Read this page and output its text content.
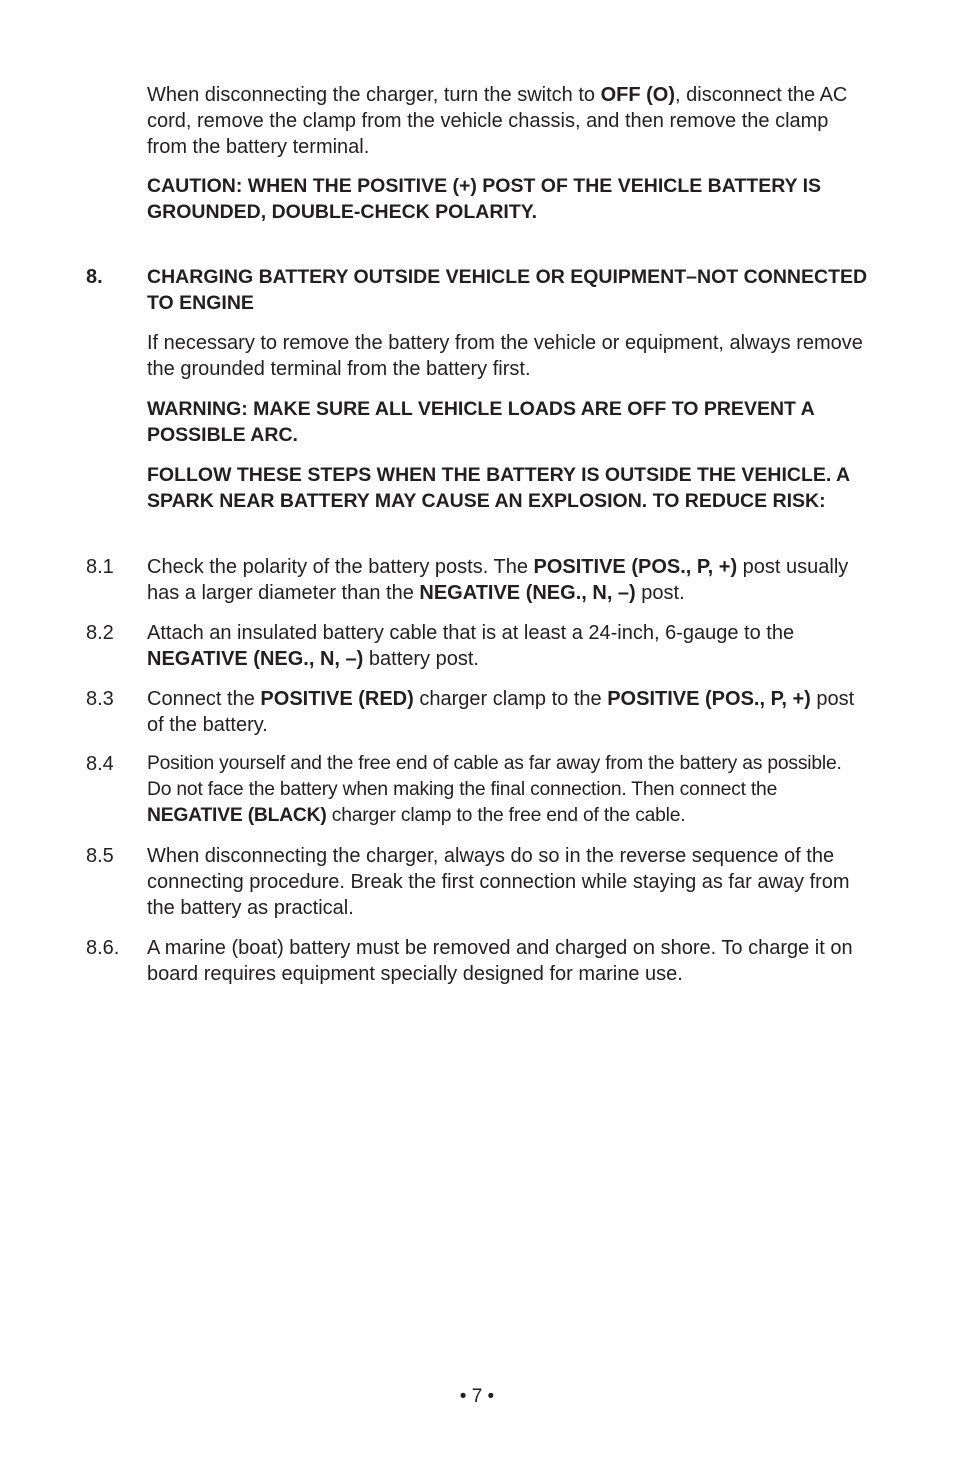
When disconnecting the charger, turn the switch to OFF (O), disconnect the AC cord, remove the clamp from the vehicle chassis, and then remove the clamp from the battery terminal.

CAUTION: WHEN THE POSITIVE (+) POST OF THE VEHICLE BATTERY IS GROUNDED, DOUBLE-CHECK POLARITY.

8. CHARGING BATTERY OUTSIDE VEHICLE OR EQUIPMENT–NOT CONNECTED TO ENGINE

If necessary to remove the battery from the vehicle or equipment, always remove the grounded terminal from the battery first.

WARNING: MAKE SURE ALL VEHICLE LOADS ARE OFF TO PREVENT A POSSIBLE ARC.

FOLLOW THESE STEPS WHEN THE BATTERY IS OUTSIDE THE VEHICLE. A SPARK NEAR BATTERY MAY CAUSE AN EXPLOSION. TO REDUCE RISK:

8.1 Check the polarity of the battery posts. The POSITIVE (POS., P, +) post usually has a larger diameter than the NEGATIVE (NEG., N, –) post.

8.2 Attach an insulated battery cable that is at least a 24-inch, 6-gauge to the NEGATIVE (NEG., N, –) battery post.

8.3 Connect the POSITIVE (RED) charger clamp to the POSITIVE (POS., P, +) post of the battery.

8.4 Position yourself and the free end of cable as far away from the battery as possible. Do not face the battery when making the final connection. Then connect the NEGATIVE (BLACK) charger clamp to the free end of the cable.

8.5 When disconnecting the charger, always do so in the reverse sequence of the connecting procedure. Break the first connection while staying as far away from the battery as practical.

8.6. A marine (boat) battery must be removed and charged on shore. To charge it on board requires equipment specially designed for marine use.

• 7 •
